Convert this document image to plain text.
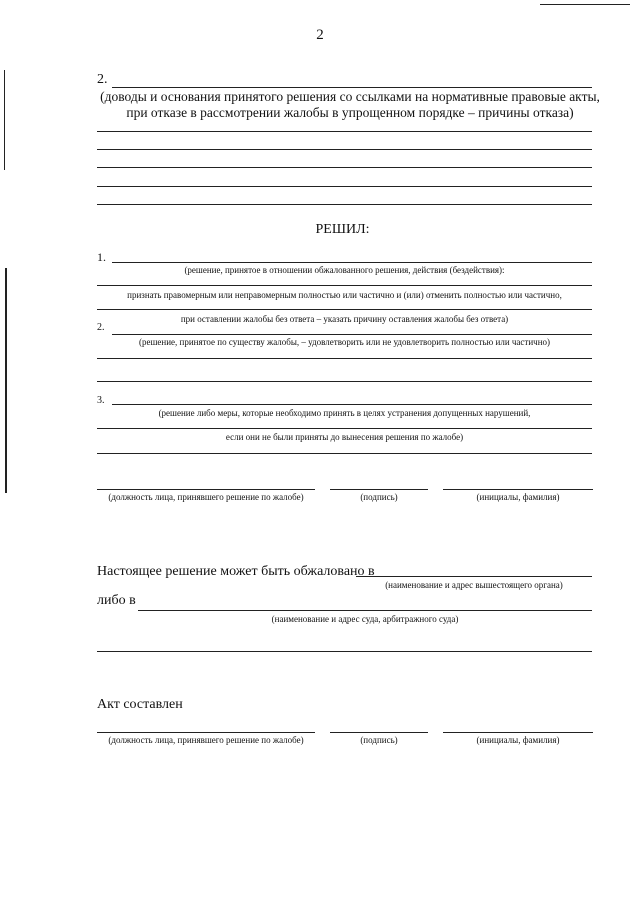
2
2.
(доводы и основания принятого решения со ссылками на нормативные правовые акты,
при отказе в рассмотрении жалобы в упрощенном порядке – причины отказа)
РЕШИЛ:
1.
(решение, принятое в отношении обжалованного решения, действия (бездействия):
признать правомерным или неправомерным полностью или частично и (или) отменить полностью или частично,
при оставлении жалобы без ответа – указать причину оставления жалобы без ответа)
2.
(решение, принятое по существу жалобы, – удовлетворить или не удовлетворить полностью или частично)
3.
(решение либо меры, которые необходимо принять в целях устранения допущенных нарушений,
если они не были приняты до вынесения решения по жалобе)
(должность лица, принявшего решение по жалобе)	(подпись)	(инициалы, фамилия)
Настоящее решение может быть обжаловано в
(наименование и адрес вышестоящего органа)
либо в
(наименование и адрес суда, арбитражного суда)
Акт составлен
(должность лица, принявшего решение по жалобе)	(подпись)	(инициалы, фамилия)
